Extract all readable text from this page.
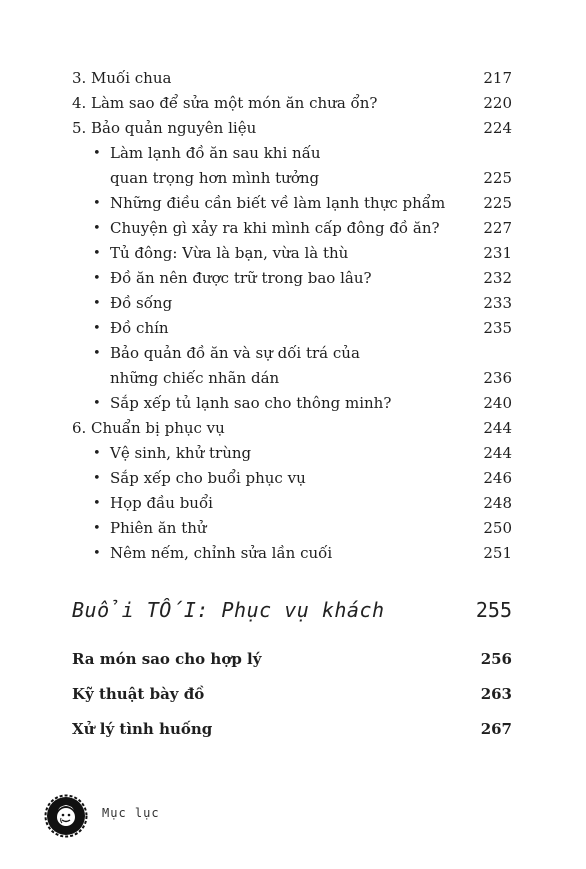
3. Muối chua	217
4. Làm sao để sửa một món ăn chưa ổn?	220
5. Bảo quản nguyên liệu	224
• Làm lạnh đồ ăn sau khi nấu
quan trọng hơn mình tưởng	225
• Những điều cần biết về làm lạnh thực phẩm	225
• Chuyện gì xảy ra khi mình cấp đông đồ ăn?	227
• Tủ đông: Vừa là bạn, vừa là thù	231
• Đồ ăn nên được trữ trong bao lâu?	232
• Đồ sống	233
• Đồ chín	235
• Bảo quản đồ ăn và sự dối trá của
những chiếc nhãn dán	236
• Sắp xếp tủ lạnh sao cho thông minh?	240
6. Chuẩn bị phục vụ	244
• Vệ sinh, khử trùng	244
• Sắp xếp cho buổi phục vụ	246
• Họp đầu buổi	248
• Phiên ăn thử	250
• Nêm nếm, chỉnh sửa lần cuối	251
Buổi TỐI: Phục vụ khách	255
Ra món sao cho hợp lý	256
Kỹ thuật bày đồ	263
Xử lý tình huống	267
Mục lục
